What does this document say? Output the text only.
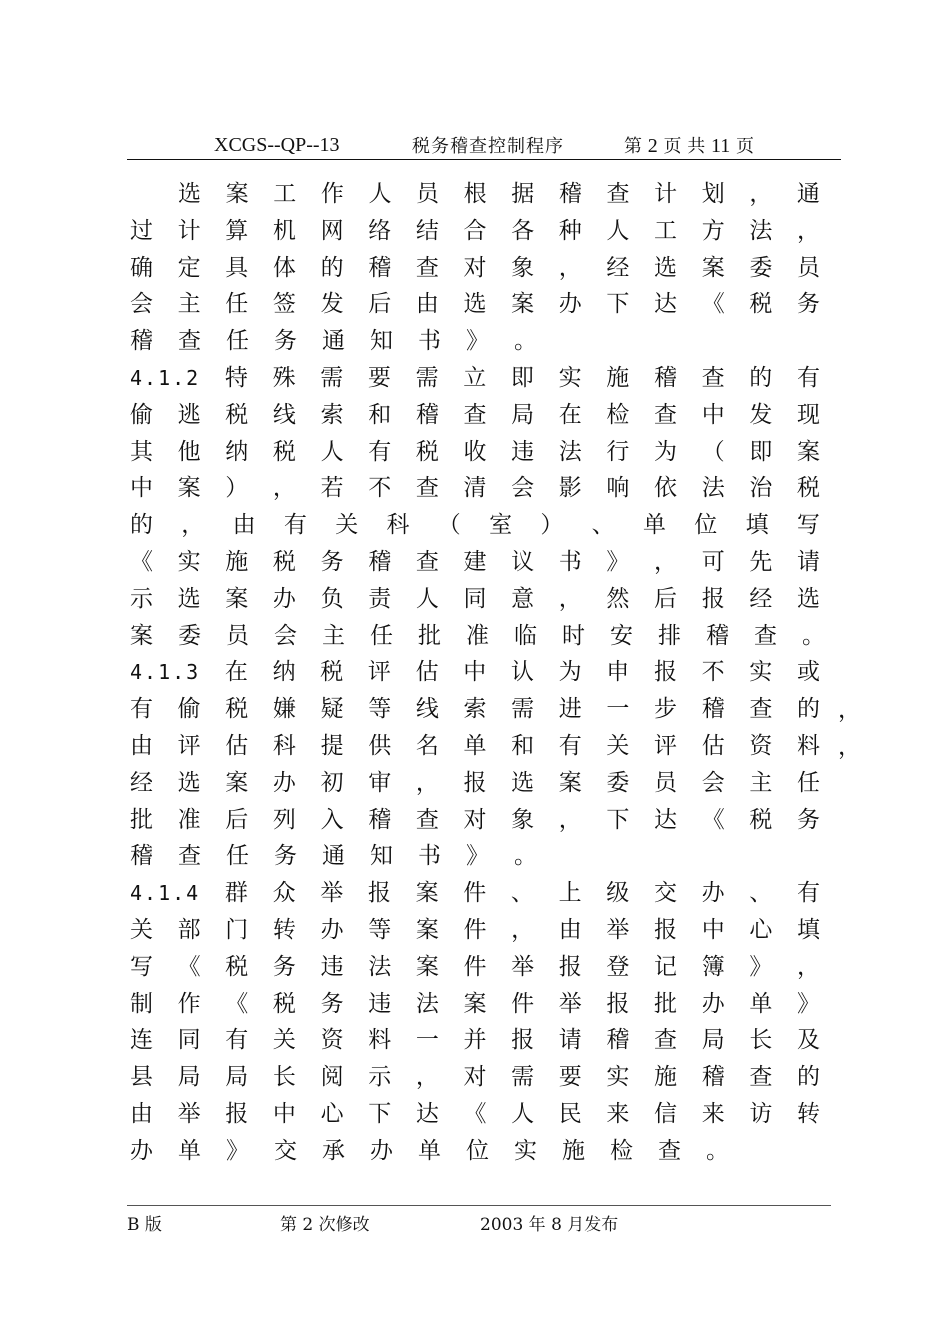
XCGS--QP--13	税务稽查控制程序	第 2 页 共 11 页
选 案 工 作 人 员 根 据 稽 查 计 划 ， 通
过 计 算 机 网 络 结 合 各 种 人 工 方 法 ，
确 定 具 体 的 稽 查 对 象 ， 经 选 案 委 员
会 主 任 签 发 后 由 选 案 办 下 达 《 税 务
稽 查 任 务 通 知 书 》 。
4.1.2 特 殊 需 要 需 立 即 实 施 稽 查 的 有
偷 逃 税 线 索 和 稽 查 局 在 检 查 中 发 现
其 他 纳 税 人 有 税 收 违 法 行 为 （ 即 案
中 案 ） ， 若 不 查 清 会 影 响 依 法 治 税
的 ， 由 有 关 科 （ 室 ） 、 单 位 填 写
《 实 施 税 务 稽 查 建 议 书 》 ， 可 先 请
示 选 案 办 负 责 人 同 意 ， 然 后 报 经 选
案 委 员 会 主 任 批 准 临 时 安 排 稽 查 。
4.1.3 在 纳 税 评 估 中 认 为 申 报 不 实 或
有 偷 税 嫌 疑 等 线 索 需 进 一 步 稽 查 的
由 评 估 科 提 供 名 单 和 有 关 评 估 资 料
经 选 案 办 初 审 ， 报 选 案 委 员 会 主 任
批 准 后 列 入 稽 查 对 象 ， 下 达 《 税 务
稽 查 任 务 通 知 书 》 。
4.1.4 群 众 举 报 案 件 、 上 级 交 办 、 有
关 部 门 转 办 等 案 件 ， 由 举 报 中 心 填
写 《 税 务 违 法 案 件 举 报 登 记 簿 》 ，
制 作 《 税 务 违 法 案 件 举 报 批 办 单 》
连 同 有 关 资 料 一 并 报 请 稽 查 局 长 及
县 局 局 长 阅 示 ， 对 需 要 实 施 稽 查 的
由 举 报 中 心 下 达 《 人 民 来 信 来 访 转
办 单 》 交 承 办 单 位 实 施 检 查 。
，
，
B 版	第 2 次修改	2003 年 8 月发布
